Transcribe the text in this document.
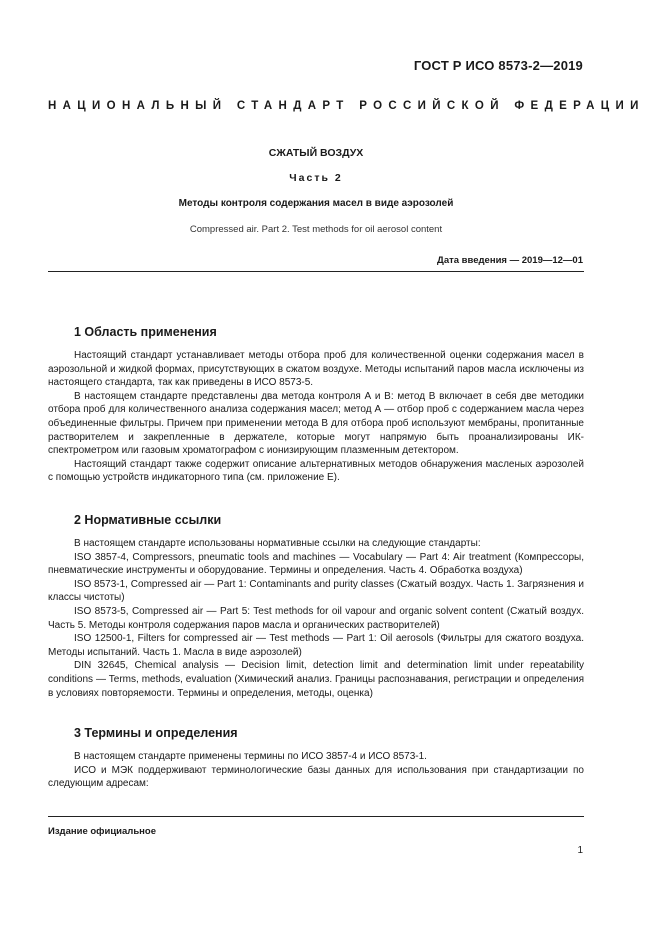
ГОСТ Р ИСО 8573-2—2019
НАЦИОНАЛЬНЫЙ СТАНДАРТ РОССИЙСКОЙ ФЕДЕРАЦИИ
СЖАТЫЙ ВОЗДУХ
Часть 2
Методы контроля содержания масел в виде аэрозолей
Compressed air. Part 2. Test methods for oil aerosol content
Дата введения — 2019—12—01
1 Область применения

Настоящий стандарт устанавливает методы отбора проб для количественной оценки содержания масел в аэрозольной и жидкой формах, присутствующих в сжатом воздухе. Методы испытаний паров масла исключены из настоящего стандарта, так как приведены в ИСО 8573-5.

В настоящем стандарте представлены два метода контроля А и В: метод В включает в себя две методики отбора проб для количественного анализа содержания масел; метод А — отбор проб с содержанием масла через объединенные фильтры. Причем при применении метода В для отбора проб используют мембраны, пропитанные растворителем и закрепленные в держателе, которые могут напрямую быть проанализированы ИК-спектрометром или газовым хроматографом с ионизирующим плазменным детектором.

Настоящий стандарт также содержит описание альтернативных методов обнаружения масленых аэрозолей с помощью устройств индикаторного типа (см. приложение Е).

2 Нормативные ссылки

В настоящем стандарте использованы нормативные ссылки на следующие стандарты:

ISO 3857-4, Compressors, pneumatic tools and machines — Vocabulary — Part 4: Air treatment (Компрессоры, пневматические инструменты и оборудование. Термины и определения. Часть 4. Обработка воздуха)

ISO 8573-1, Compressed air — Part 1: Contaminants and purity classes (Сжатый воздух. Часть 1. Загрязнения и классы чистоты)

ISO 8573-5, Compressed air — Part 5: Test methods for oil vapour and organic solvent content (Сжатый воздух. Часть 5. Методы контроля содержания паров масла и органических растворителей)

ISO 12500-1, Filters for compressed air — Test methods — Part 1: Oil aerosols (Фильтры для сжатого воздуха. Методы испытаний. Часть 1. Масла в виде аэрозолей)

DIN 32645, Chemical analysis — Decision limit, detection limit and determination limit under repeatability conditions — Terms, methods, evaluation (Химический анализ. Границы распознавания, регистрации и определения в условиях повторяемости. Термины и определения, методы, оценка)

3 Термины и определения

В настоящем стандарте применены термины по ИСО 3857-4 и ИСО 8573-1.

ИСО и МЭК поддерживают терминологические базы данных для использования при стандартизации по следующим адресам:

Издание официальное
1
